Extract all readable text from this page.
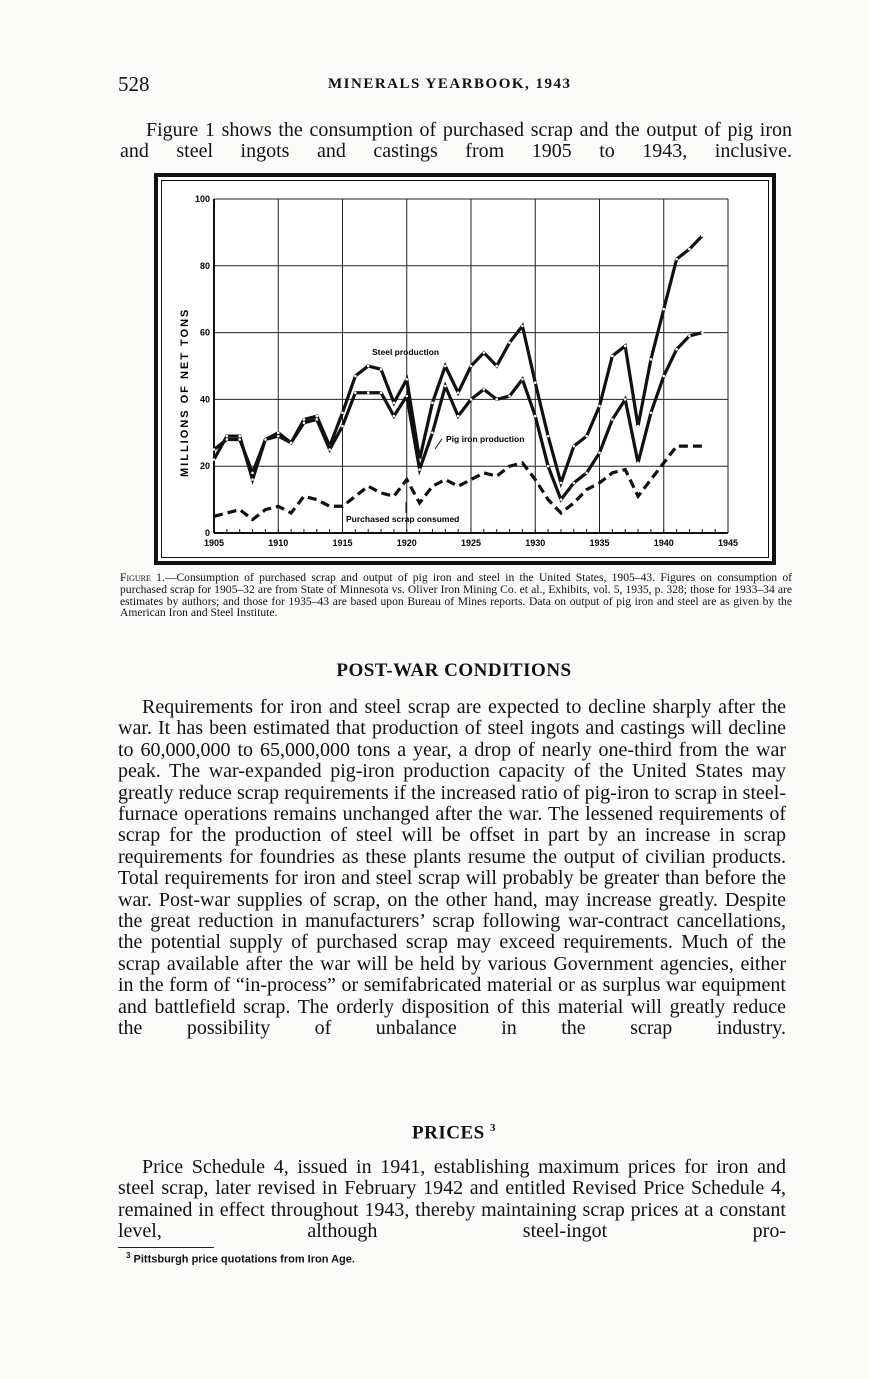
528	MINERALS YEARBOOK, 1943

Figure 1 shows the consumption of purchased scrap and the output of pig iron and steel ingots and castings from 1905 to 1943, inclusive.

1905	1910	1915	1920	1925	1930	1935	1940	1945
0
20
40
60
80
100
MILLIONS OF NET TONS	Steel production
Pig iron production
Purchased scrap consumed
Figure 1.—Consumption of purchased scrap and output of pig iron and steel in the United States, 1905–43. Figures on consumption of purchased scrap for 1905–32 are from State of Minnesota vs. Oliver Iron Mining Co. et al., Exhibits, vol. 5, 1935, p. 328; those for 1933–34 are estimates by authors; and those for 1935–43 are based upon Bureau of Mines reports. Data on output of pig iron and steel are as given by the American Iron and Steel Institute.
POST-WAR CONDITIONS

Requirements for iron and steel scrap are expected to decline sharply after the war. It has been estimated that production of steel ingots and castings will decline to 60,000,000 to 65,000,000 tons a year, a drop of nearly one-third from the war peak. The war-expanded pig-iron production capacity of the United States may greatly reduce scrap requirements if the increased ratio of pig-iron to scrap in steel-furnace operations remains unchanged after the war. The lessened requirements of scrap for the production of steel will be offset in part by an increase in scrap requirements for foundries as these plants resume the output of civilian products. Total requirements for iron and steel scrap will probably be greater than before the war. Post-war supplies of scrap, on the other hand, may increase greatly. Despite the great reduction in manufacturers’ scrap following war-contract cancellations, the potential supply of purchased scrap may exceed requirements. Much of the scrap available after the war will be held by various Government agencies, either in the form of “in-process” or semifabricated material or as surplus war equipment and battlefield scrap. The orderly disposition of this material will greatly reduce the possibility of unbalance in the scrap industry.

PRICES $^3$

Price Schedule 4, issued in 1941, establishing maximum prices for iron and steel scrap, later revised in February 1942 and entitled Revised Price Schedule 4, remained in effect throughout 1943, thereby maintaining scrap prices at a constant level, although steel-ingot pro-

$^3$ Pittsburgh price quotations from Iron Age.
